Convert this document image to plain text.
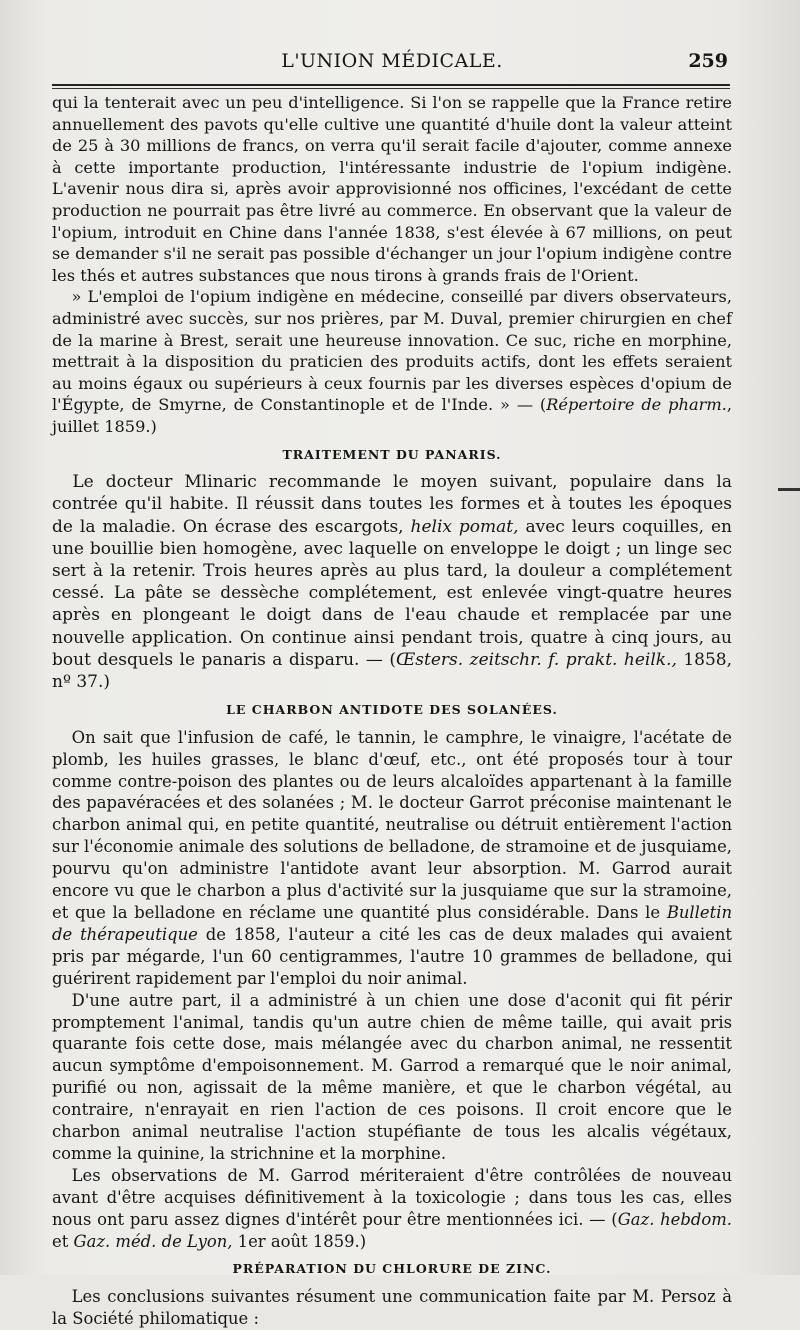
L'UNION MÉDICALE.	259

qui la tenterait avec un peu d'intelligence. Si l'on se rappelle que la France retire annuellement des pavots qu'elle cultive une quantité d'huile dont la valeur atteint de 25 à 30 millions de francs, on verra qu'il serait facile d'ajouter, comme annexe à cette importante production, l'intéressante industrie de l'opium indigène. L'avenir nous dira si, après avoir approvisionné nos officines, l'excédant de cette production ne pourrait pas être livré au commerce. En observant que la valeur de l'opium, introduit en Chine dans l'année 1838, s'est élevée à 67 millions, on peut se demander s'il ne serait pas possible d'échanger un jour l'opium indigène contre les thés et autres substances que nous tirons à grands frais de l'Orient.

» L'emploi de l'opium indigène en médecine, conseillé par divers observateurs, administré avec succès, sur nos prières, par M. Duval, premier chirurgien en chef de la marine à Brest, serait une heureuse innovation. Ce suc, riche en morphine, mettrait à la disposition du praticien des produits actifs, dont les effets seraient au moins égaux ou supérieurs à ceux fournis par les diverses espèces d'opium de l'Égypte, de Smyrne, de Constantinople et de l'Inde. » — (Répertoire de pharm., juillet 1859.)

TRAITEMENT DU PANARIS.

Le docteur Mlinaric recommande le moyen suivant, populaire dans la contrée qu'il habite. Il réussit dans toutes les formes et à toutes les époques de la maladie. On écrase des escargots, helix pomat, avec leurs coquilles, en une bouillie bien homogène, avec laquelle on enveloppe le doigt ; un linge sec sert à la retenir. Trois heures après au plus tard, la douleur a complétement cessé. La pâte se dessèche complétement, est enlevée vingt-quatre heures après en plongeant le doigt dans de l'eau chaude et remplacée par une nouvelle application. On continue ainsi pendant trois, quatre à cinq jours, au bout desquels le panaris a disparu. — (Œsters. zeitschr. f. prakt. heilk., 1858, nº 37.)

LE CHARBON ANTIDOTE DES SOLANÉES.

On sait que l'infusion de café, le tannin, le camphre, le vinaigre, l'acétate de plomb, les huiles grasses, le blanc d'œuf, etc., ont été proposés tour à tour comme contre-poison des plantes ou de leurs alcaloïdes appartenant à la famille des papavéracées et des solanées ; M. le docteur Garrot préconise maintenant le charbon animal qui, en petite quantité, neutralise ou détruit entièrement l'action sur l'économie animale des solutions de belladone, de stramoine et de jusquiame, pourvu qu'on administre l'antidote avant leur absorption. M. Garrod aurait encore vu que le charbon a plus d'activité sur la jusquiame que sur la stramoine, et que la belladone en réclame une quantité plus considérable. Dans le Bulletin de thérapeutique de 1858, l'auteur a cité les cas de deux malades qui avaient pris par mégarde, l'un 60 centigrammes, l'autre 10 grammes de belladone, qui guérirent rapidement par l'emploi du noir animal.

D'une autre part, il a administré à un chien une dose d'aconit qui fit périr promptement l'animal, tandis qu'un autre chien de même taille, qui avait pris quarante fois cette dose, mais mélangée avec du charbon animal, ne ressentit aucun symptôme d'empoisonnement. M. Garrod a remarqué que le noir animal, purifié ou non, agissait de la même manière, et que le charbon végétal, au contraire, n'enrayait en rien l'action de ces poisons. Il croit encore que le charbon animal neutralise l'action stupéfiante de tous les alcalis végétaux, comme la quinine, la strichnine et la morphine.

Les observations de M. Garrod mériteraient d'être contrôlées de nouveau avant d'être acquises définitivement à la toxicologie ; dans tous les cas, elles nous ont paru assez dignes d'intérêt pour être mentionnées ici. — (Gaz. hebdom. et Gaz. méd. de Lyon, 1er août 1859.)

PRÉPARATION DU CHLORURE DE ZINC.

Les conclusions suivantes résument une communication faite par M. Persoz à la Société philomatique :
